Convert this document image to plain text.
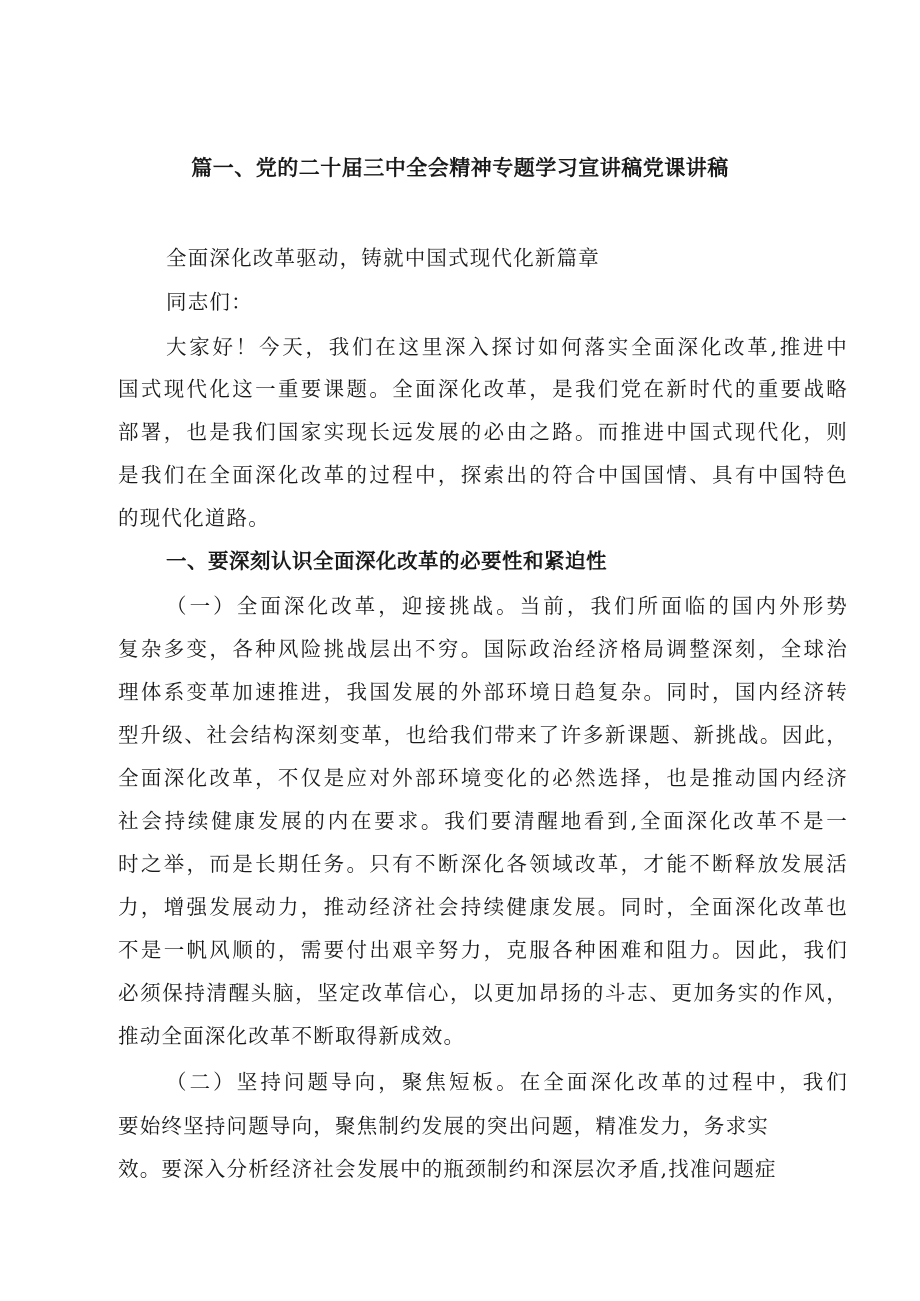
篇一、党的二十届三中全会精神专题学习宣讲稿党课讲稿

全面深化改革驱动，铸就中国式现代化新篇章

同志们：

大家好！今天，我们在这里深入探讨如何落实全面深化改革,推进中

国式现代化这一重要课题。全面深化改革，是我们党在新时代的重要战略

部署，也是我们国家实现长远发展的必由之路。而推进中国式现代化，则

是我们在全面深化改革的过程中，探索出的符合中国国情、具有中国特色

的现代化道路。

一、要深刻认识全面深化改革的必要性和紧迫性

（一）全面深化改革，迎接挑战。当前，我们所面临的国内外形势

复杂多变，各种风险挑战层出不穷。国际政治经济格局调整深刻，全球治

理体系变革加速推进，我国发展的外部环境日趋复杂。同时，国内经济转

型升级、社会结构深刻变革，也给我们带来了许多新课题、新挑战。因此，

全面深化改革，不仅是应对外部环境变化的必然选择，也是推动国内经济

社会持续健康发展的内在要求。我们要清醒地看到,全面深化改革不是一

时之举，而是长期任务。只有不断深化各领域改革，才能不断释放发展活

力，增强发展动力，推动经济社会持续健康发展。同时，全面深化改革也

不是一帆风顺的，需要付出艰辛努力，克服各种困难和阻力。因此，我们

必须保持清醒头脑，坚定改革信心，以更加昂扬的斗志、更加务实的作风，

推动全面深化改革不断取得新成效。

（二）坚持问题导向，聚焦短板。在全面深化改革的过程中，我们

要始终坚持问题导向，聚焦制约发展的突出问题，精准发力，务求实

效。要深入分析经济社会发展中的瓶颈制约和深层次矛盾,找准问题症
